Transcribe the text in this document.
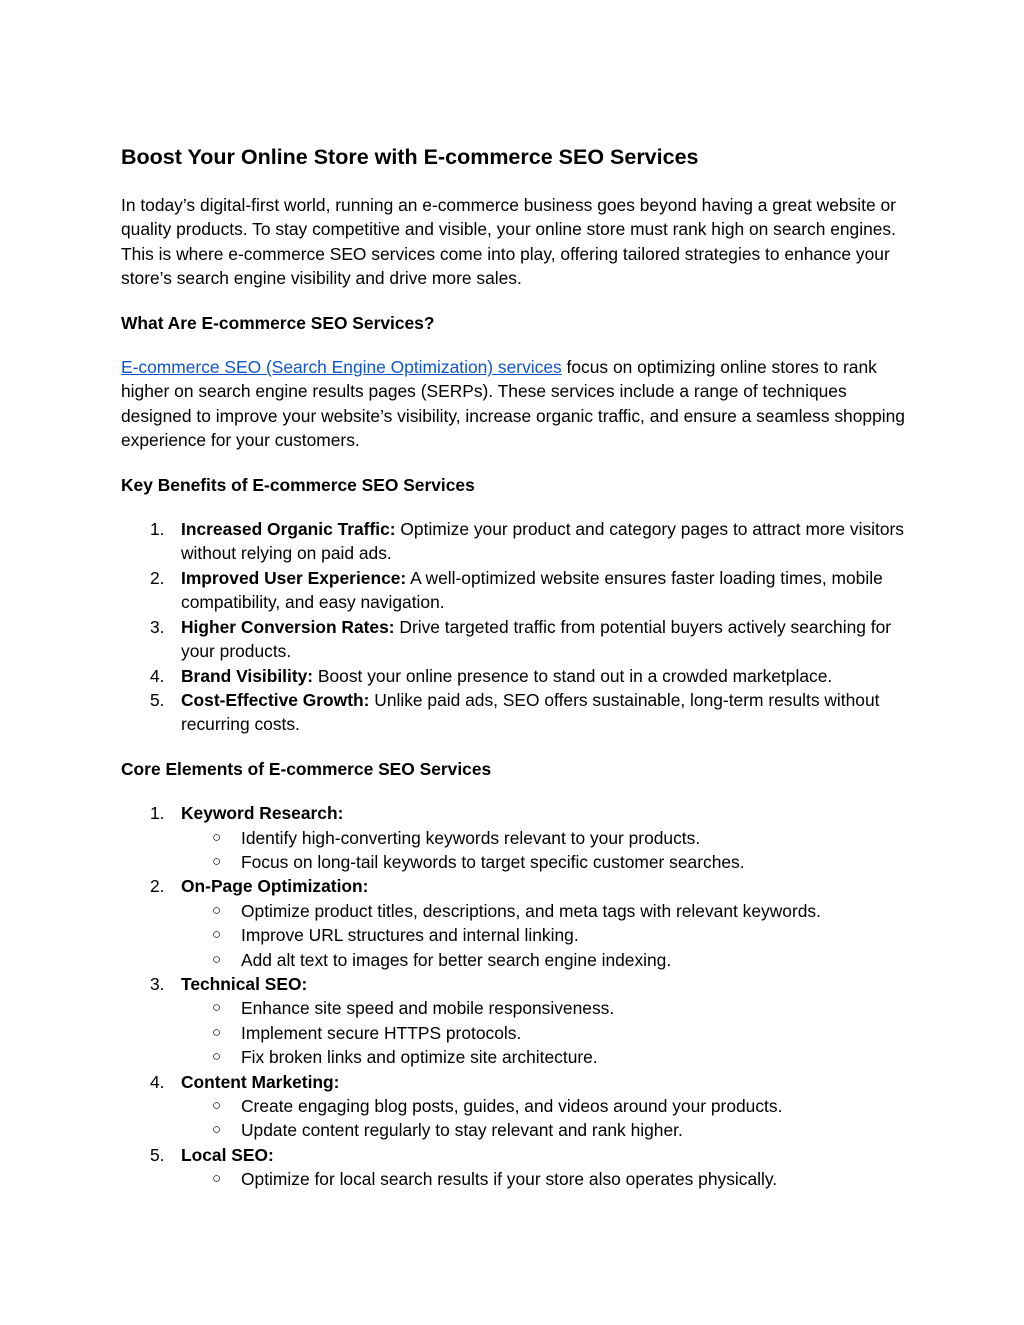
Boost Your Online Store with E-commerce SEO Services

In today’s digital-first world, running an e-commerce business goes beyond having a great website or quality products. To stay competitive and visible, your online store must rank high on search engines. This is where e-commerce SEO services come into play, offering tailored strategies to enhance your store’s search engine visibility and drive more sales.

What Are E-commerce SEO Services?

E-commerce SEO (Search Engine Optimization) services focus on optimizing online stores to rank higher on search engine results pages (SERPs). These services include a range of techniques designed to improve your website’s visibility, increase organic traffic, and ensure a seamless shopping experience for your customers.

Key Benefits of E-commerce SEO Services
1. Increased Organic Traffic: Optimize your product and category pages to attract more visitors without relying on paid ads.
2. Improved User Experience: A well-optimized website ensures faster loading times, mobile compatibility, and easy navigation.
3. Higher Conversion Rates: Drive targeted traffic from potential buyers actively searching for your products.
4. Brand Visibility: Boost your online presence to stand out in a crowded marketplace.
5. Cost-Effective Growth: Unlike paid ads, SEO offers sustainable, long-term results without recurring costs.
Core Elements of E-commerce SEO Services
1. Keyword Research:
○ Identify high-converting keywords relevant to your products.
○ Focus on long-tail keywords to target specific customer searches.
2. On-Page Optimization:
○ Optimize product titles, descriptions, and meta tags with relevant keywords.
○ Improve URL structures and internal linking.
○ Add alt text to images for better search engine indexing.
3. Technical SEO:
○ Enhance site speed and mobile responsiveness.
○ Implement secure HTTPS protocols.
○ Fix broken links and optimize site architecture.
4. Content Marketing:
○ Create engaging blog posts, guides, and videos around your products.
○ Update content regularly to stay relevant and rank higher.
5. Local SEO:
○ Optimize for local search results if your store also operates physically.
